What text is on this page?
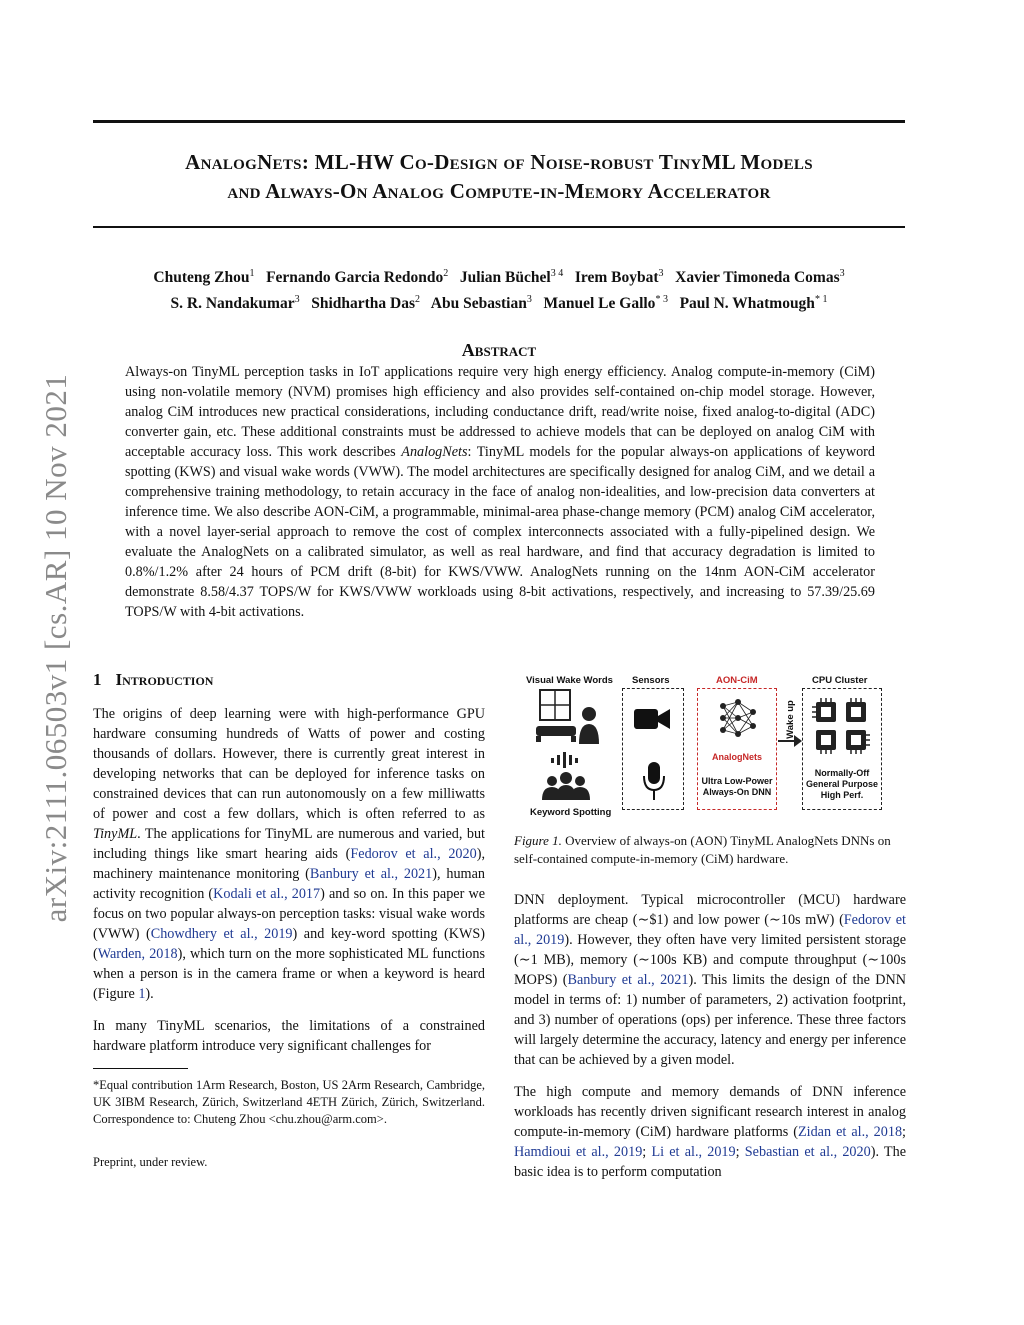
AnalogNets: ML-HW Co-Design of Noise-robust TinyML Models
and Always-On Analog Compute-in-Memory Accelerator
Chuteng Zhou$^1$ Fernando Garcia Redondo$^2$ Julian Büchel$^{3 4}$ Irem Boybat$^3$ Xavier Timoneda Comas$^3$
S. R. Nandakumar$^3$ Shidhartha Das$^2$ Abu Sebastian$^3$ Manuel Le Gallo$^{* 3}$ Paul N. Whatmough$^{* 1}$
arXiv:2111.06503v1 [cs.AR] 10 Nov 2021
Abstract
Always-on TinyML perception tasks in IoT applications require very high energy efficiency. Analog compute-in-memory (CiM) using non-volatile memory (NVM) promises high efficiency and also provides self-contained on-chip model storage. However, analog CiM introduces new practical considerations, including conductance drift, read/write noise, fixed analog-to-digital (ADC) converter gain, etc. These additional constraints must be addressed to achieve models that can be deployed on analog CiM with acceptable accuracy loss. This work describes AnalogNets: TinyML models for the popular always-on applications of keyword spotting (KWS) and visual wake words (VWW). The model architectures are specifically designed for analog CiM, and we detail a comprehensive training methodology, to retain accuracy in the face of analog non-idealities, and low-precision data converters at inference time. We also describe AON-CiM, a programmable, minimal-area phase-change memory (PCM) analog CiM accelerator, with a novel layer-serial approach to remove the cost of complex interconnects associated with a fully-pipelined design. We evaluate the AnalogNets on a calibrated simulator, as well as real hardware, and find that accuracy degradation is limited to 0.8%/1.2% after 24 hours of PCM drift (8-bit) for KWS/VWW. AnalogNets running on the 14nm AON-CiM accelerator demonstrate 8.58/4.37 TOPS/W for KWS/VWW workloads using 8-bit activations, respectively, and increasing to 57.39/25.69 TOPS/W with 4-bit activations.
1 Introduction

The origins of deep learning were with high-performance GPU hardware consuming hundreds of Watts of power and costing thousands of dollars. However, there is currently great interest in developing networks that can be deployed for inference tasks on constrained devices that can run autonomously on a few milliwatts of power and cost a few dollars, which is often referred to as TinyML. The applications for TinyML are numerous and varied, but including things like smart hearing aids (Fedorov et al., 2020), machinery maintenance monitoring (Banbury et al., 2021), human activity recognition (Kodali et al., 2017) and so on. In this paper we focus on two popular always-on perception tasks: visual wake words (VWW) (Chowdhery et al., 2019) and key-word spotting (KWS) (Warden, 2018), which turn on the more sophisticated ML functions when a person is in the camera frame or when a keyword is heard (Figure 1).

In many TinyML scenarios, the limitations of a constrained hardware platform introduce very significant challenges for

*Equal contribution 1Arm Research, Boston, US 2Arm Research, Cambridge, UK 3IBM Research, Zürich, Switzerland 4ETH Zürich, Zürich, Switzerland. Correspondence to: Chuteng Zhou <chu.zhou@arm.com>.
Preprint, under review.
Visual Wake Words Sensors	AON-CiM	CPU Cluster
Keyword Spotting
AnalogNets
Ultra Low-Power Always-On DNN
Wake up
Normally-Off General Purpose High Perf.
Figure 1. Overview of always-on (AON) TinyML AnalogNets DNNs on self-contained compute-in-memory (CiM) hardware.

DNN deployment. Typical microcontroller (MCU) hardware platforms are cheap (∼$1) and low power (∼10s mW) (Fedorov et al., 2019). However, they often have very limited persistent storage (∼1 MB), memory (∼100s KB) and compute throughput (∼100s MOPS) (Banbury et al., 2021). This limits the design of the DNN model in terms of: 1) number of parameters, 2) activation footprint, and 3) number of operations (ops) per inference. These three factors will largely determine the accuracy, latency and energy per inference that can be achieved by a given model.

The high compute and memory demands of DNN inference workloads has recently driven significant research interest in analog compute-in-memory (CiM) hardware platforms (Zidan et al., 2018; Hamdioui et al., 2019; Li et al., 2019; Sebastian et al., 2020). The basic idea is to perform computation
